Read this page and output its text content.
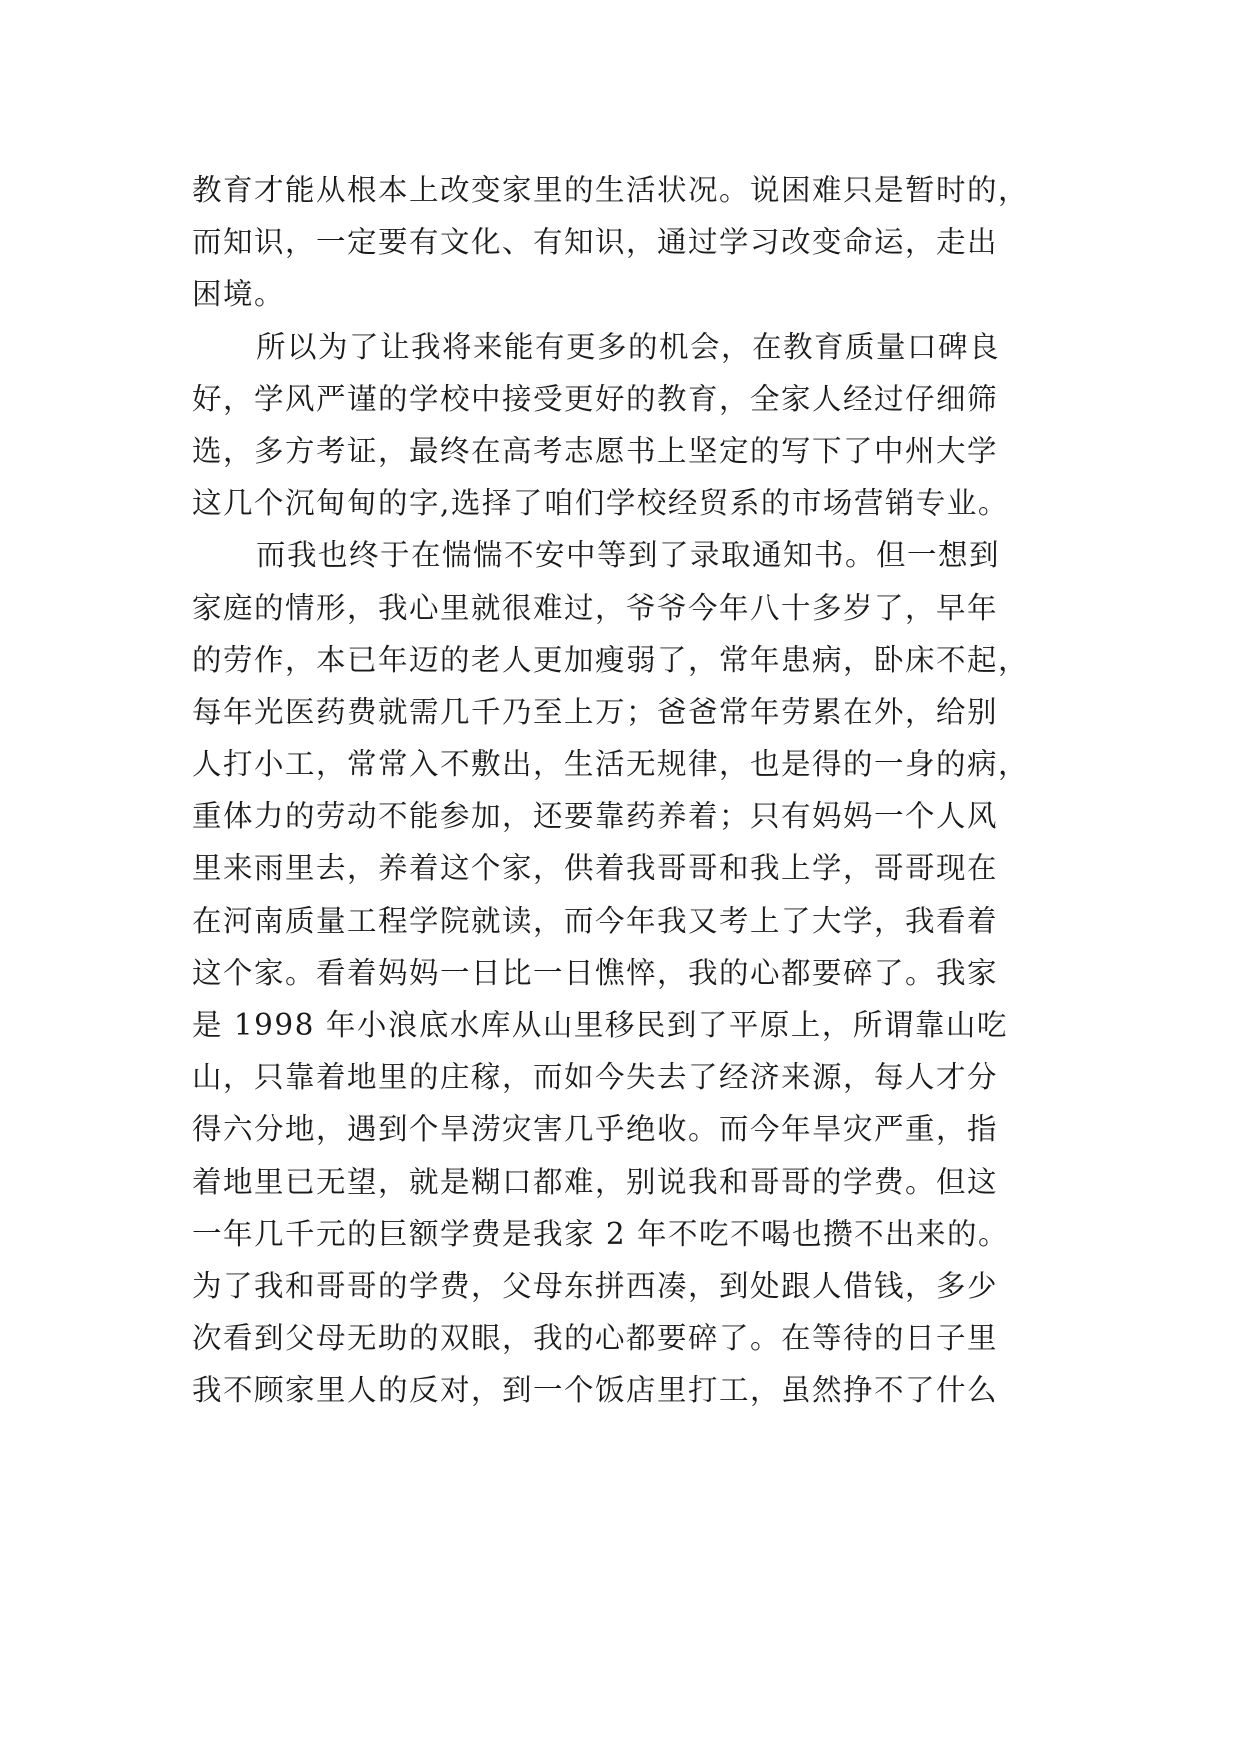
教育才能从根本上改变家里的生活状况。说困难只是暂时的，
而知识，一定要有文化、有知识，通过学习改变命运，走出
困境。
所以为了让我将来能有更多的机会，在教育质量口碑良
好，学风严谨的学校中接受更好的教育，全家人经过仔细筛
选，多方考证，最终在高考志愿书上坚定的写下了中州大学
这几个沉甸甸的字,选择了咱们学校经贸系的市场营销专业。
而我也终于在惴惴不安中等到了录取通知书。但一想到
家庭的情形，我心里就很难过，爷爷今年八十多岁了，早年
的劳作，本已年迈的老人更加瘦弱了，常年患病，卧床不起，
每年光医药费就需几千乃至上万；爸爸常年劳累在外，给别
人打小工，常常入不敷出，生活无规律，也是得的一身的病，
重体力的劳动不能参加，还要靠药养着；只有妈妈一个人风
里来雨里去，养着这个家，供着我哥哥和我上学，哥哥现在
在河南质量工程学院就读，而今年我又考上了大学，我看着
这个家。看着妈妈一日比一日憔悴，我的心都要碎了。我家
是 1998 年小浪底水库从山里移民到了平原上，所谓靠山吃
山，只靠着地里的庄稼，而如今失去了经济来源，每人才分
得六分地，遇到个旱涝灾害几乎绝收。而今年旱灾严重，指
着地里已无望，就是糊口都难，别说我和哥哥的学费。但这
一年几千元的巨额学费是我家 2 年不吃不喝也攒不出来的。
为了我和哥哥的学费，父母东拼西凑，到处跟人借钱，多少
次看到父母无助的双眼，我的心都要碎了。在等待的日子里
我不顾家里人的反对，到一个饭店里打工，虽然挣不了什么
